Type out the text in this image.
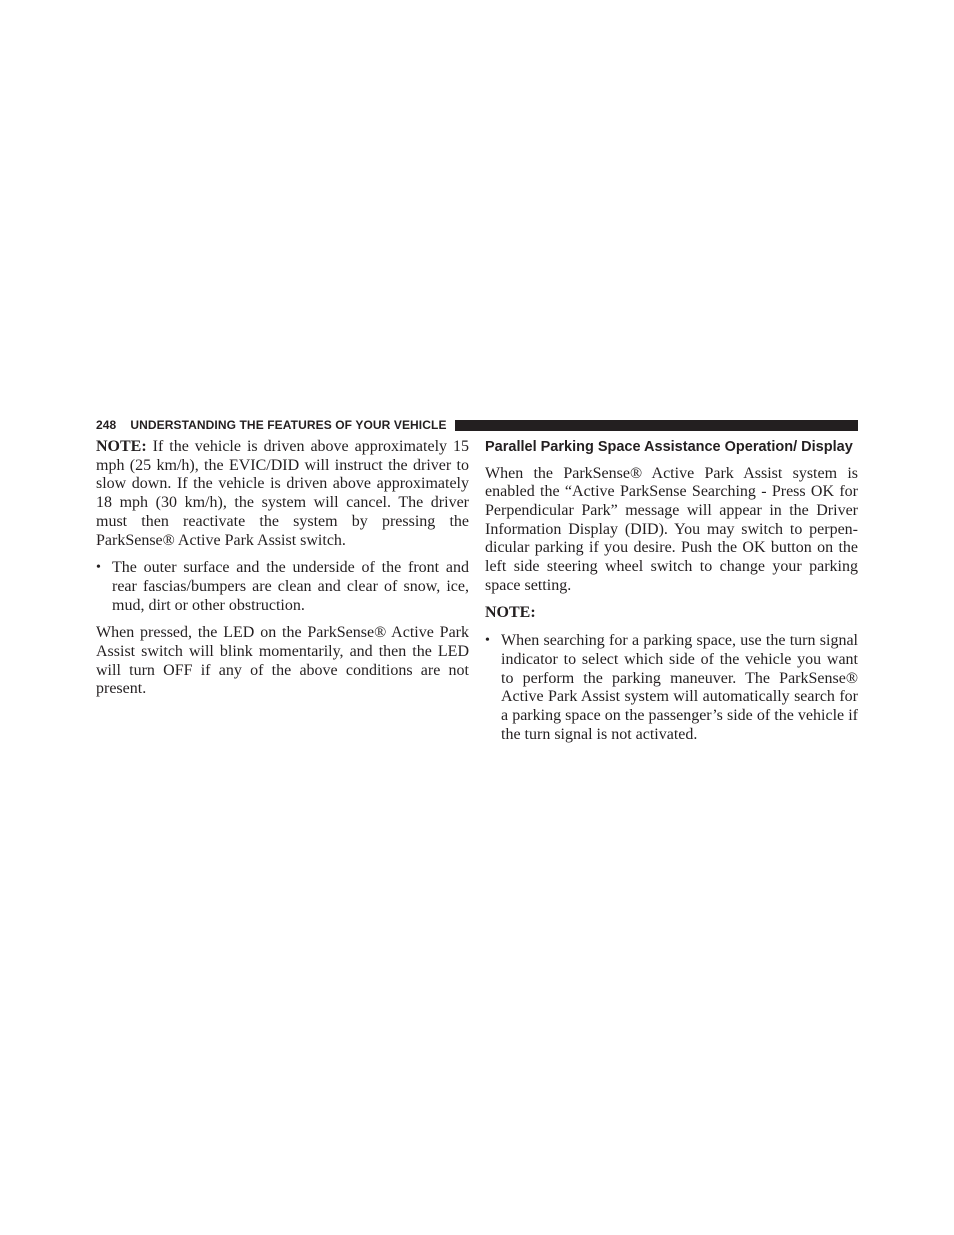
248 UNDERSTANDING THE FEATURES OF YOUR VEHICLE

NOTE: If the vehicle is driven above approximately 15 mph (25 km/h), the EVIC/DID will instruct the driver to slow down. If the vehicle is driven above approximately 18 mph (30 km/h), the system will cancel. The driver must then reactivate the system by pressing the ParkSense® Active Park Assist switch.

• The outer surface and the underside of the front and rear fascias/bumpers are clean and clear of snow, ice, mud, dirt or other obstruction.

When pressed, the LED on the ParkSense® Active Park Assist switch will blink momentarily, and then the LED will turn OFF if any of the above conditions are not present.

Parallel Parking Space Assistance Operation/ Display

When the ParkSense® Active Park Assist system is enabled the “Active ParkSense Searching - Press OK for Perpendicular Park” message will appear in the Driver Information Display (DID). You may switch to perpendicular parking if you desire. Push the OK button on the left side steering wheel switch to change your parking space setting.

NOTE:

• When searching for a parking space, use the turn signal indicator to select which side of the vehicle you want to perform the parking maneuver. The ParkSense® Active Park Assist system will automatically search for a parking space on the passenger’s side of the vehicle if the turn signal is not activated.
